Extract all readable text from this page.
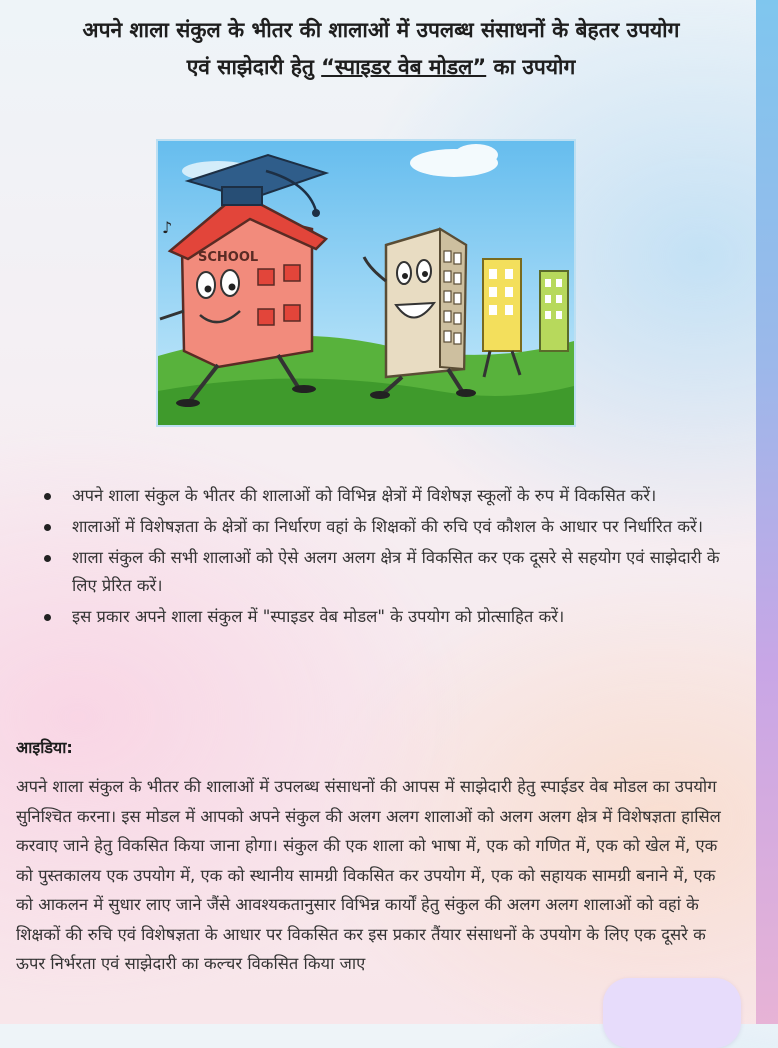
अपने शाला संकुल के भीतर की शालाओं में उपलब्ध संसाधनों के बेहतर उपयोग
एवं साझेदारी हेतु “स्पाइडर वेब मोडल” का उपयोग
SCHOOL
♪
अपने शाला संकुल के भीतर की शालाओं को विभिन्न क्षेत्रों में विशेषज्ञ स्कूलों के रुप में विकसित करें।
शालाओं में विशेषज्ञता के क्षेत्रों का निर्धारण वहां के शिक्षकों की रुचि एवं कौशल के आधार पर निर्धारित करें।
शाला संकुल की सभी शालाओं को ऐसे अलग अलग क्षेत्र में विकसित कर एक दूसरे से सहयोग एवं साझेदारी के लिए प्रेरित करें।
इस प्रकार अपने शाला संकुल में "स्पाइडर वेब मोडल" के उपयोग को प्रोत्साहित करें।
आइडिया:

अपने शाला संकुल के भीतर की शालाओं में उपलब्ध संसाधनों की आपस में साझेदारी हेतु स्पाईडर वेब मोडल का उपयोग सुनिश्चित करना। इस मोडल में आपको अपने संकुल की अलग अलग शालाओं को अलग अलग क्षेत्र में विशेषज्ञता हासिल करवाए जाने हेतु विकसित किया जाना होगा। संकुल की एक शाला को भाषा में, एक को गणित में, एक को खेल में, एक को पुस्तकालय एक उपयोग में, एक को स्थानीय सामग्री विकसित कर उपयोग में, एक को सहायक सामग्री बनाने में, एक को आकलन में सुधार लाए जाने जैंसे आवश्यकतानुसार विभिन्न कार्यों हेतु संकुल की अलग अलग शालाओं को वहां के शिक्षकों की रुचि एवं विशेषज्ञता के आधार पर विकसित कर इस प्रकार तैंयार संसाधनों के उपयोग के लिए एक दूसरे क ऊपर निर्भरता एवं साझेदारी का कल्चर विकसित किया जाए
